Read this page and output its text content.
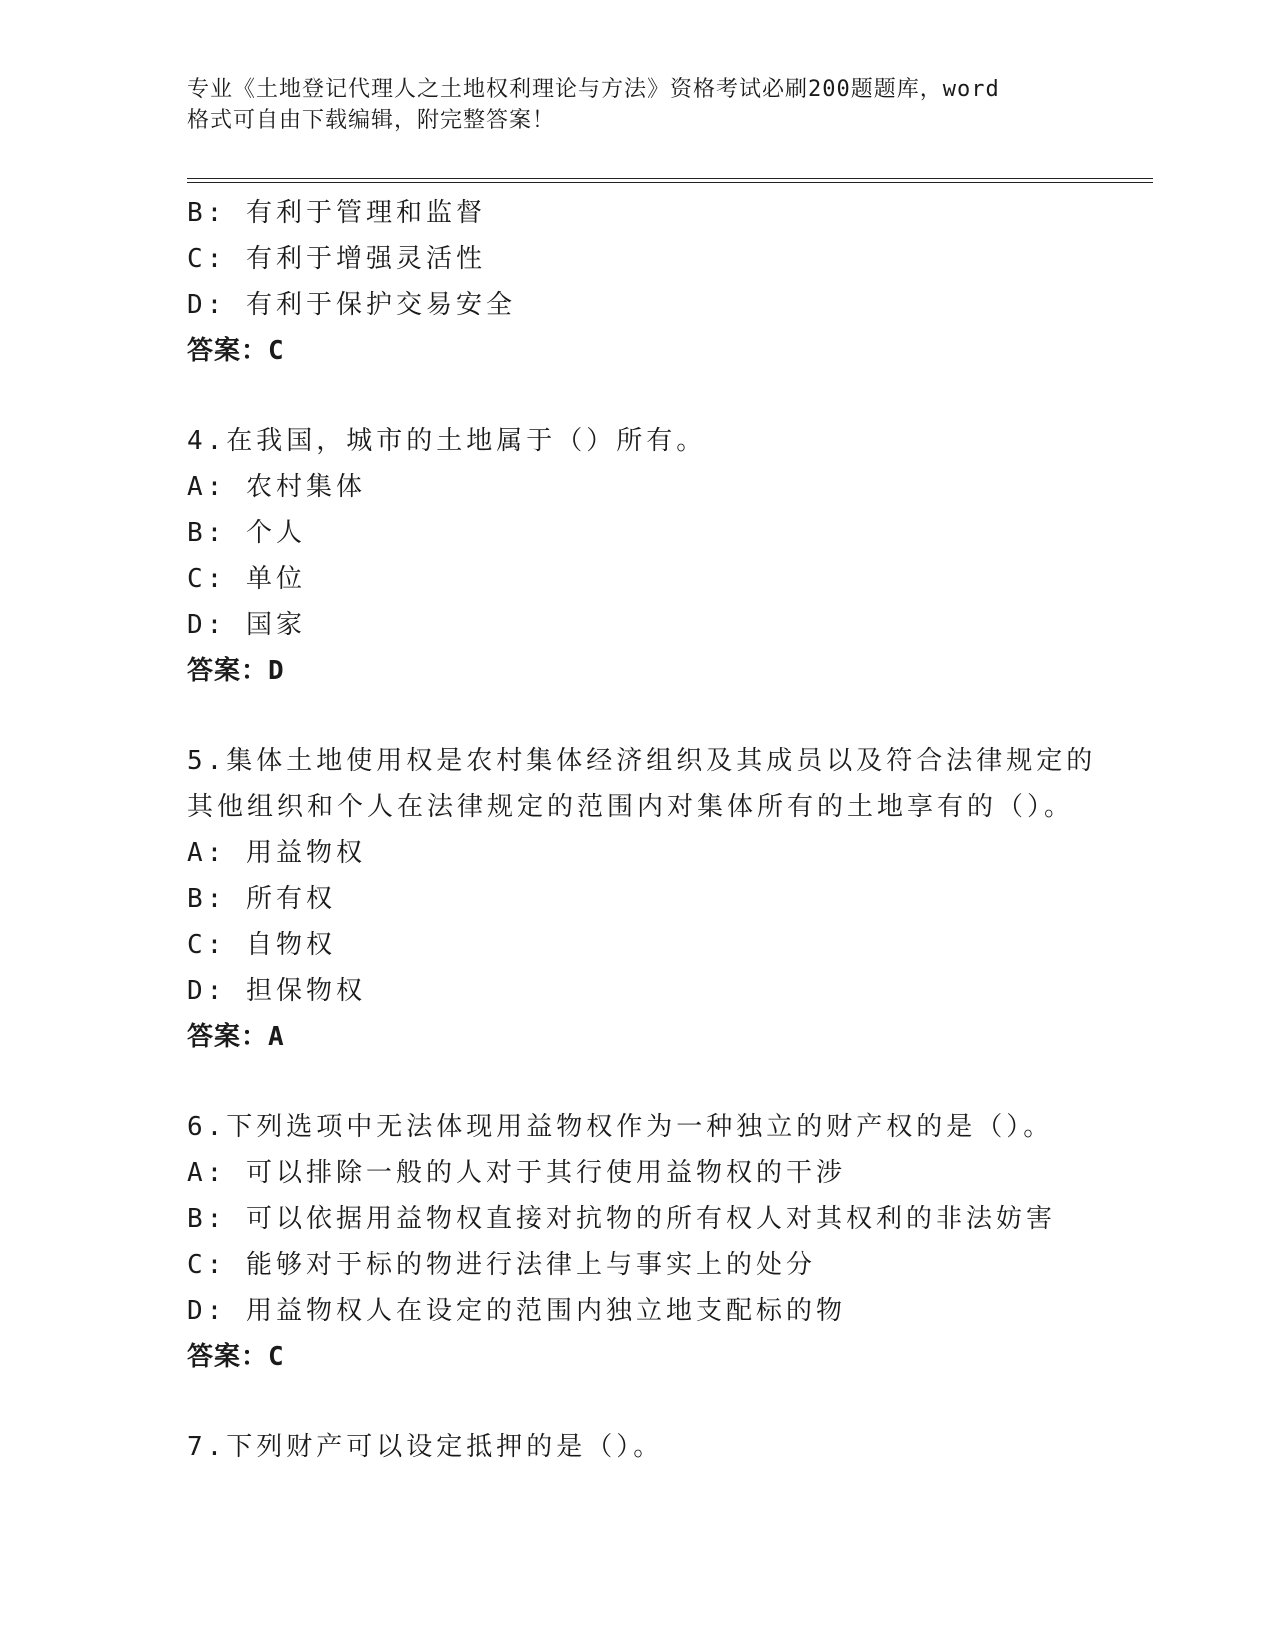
专业《土地登记代理人之土地权利理论与方法》资格考试必刷200题题库，word
格式可自由下载编辑，附完整答案！
B: 有利于管理和监督
C: 有利于增强灵活性
D: 有利于保护交易安全
答案：C
4.在我国，城市的土地属于（）所有。
A: 农村集体
B: 个人
C: 单位
D: 国家
答案：D
5.集体土地使用权是农村集体经济组织及其成员以及符合法律规定的
其他组织和个人在法律规定的范围内对集体所有的土地享有的（）。
A: 用益物权
B: 所有权
C: 自物权
D: 担保物权
答案：A
6.下列选项中无法体现用益物权作为一种独立的财产权的是（）。
A: 可以排除一般的人对于其行使用益物权的干涉
B: 可以依据用益物权直接对抗物的所有权人对其权利的非法妨害
C: 能够对于标的物进行法律上与事实上的处分
D: 用益物权人在设定的范围内独立地支配标的物
答案：C
7.下列财产可以设定抵押的是（）。
